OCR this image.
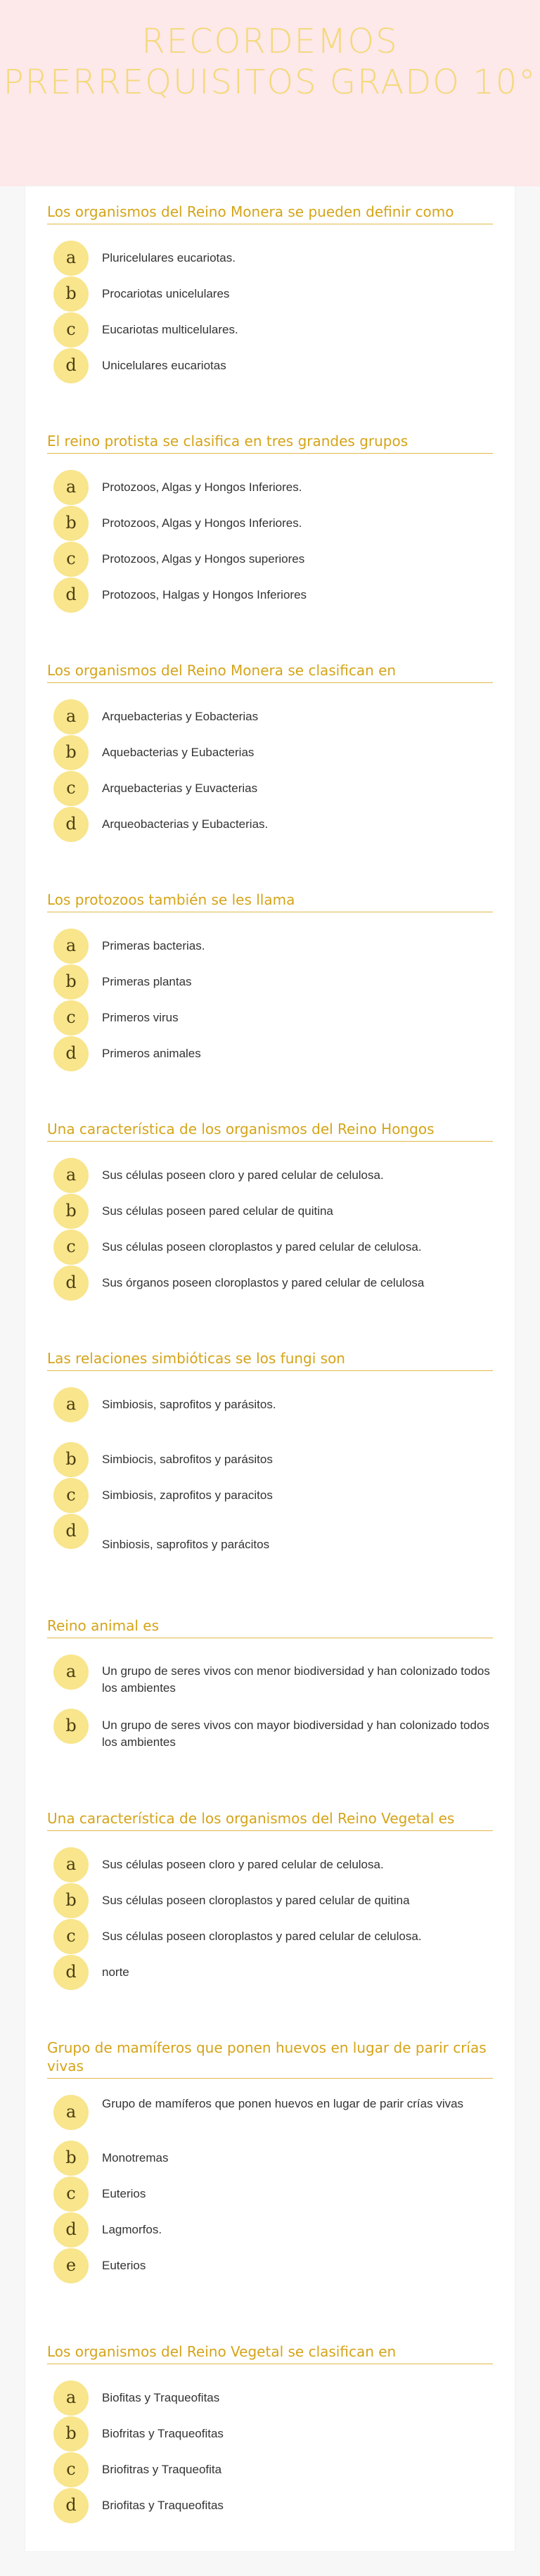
RECORDEMOS PRERREQUISITOS GRADO 10°
Los organismos del Reino Monera se pueden definir como
a	Pluricelulares eucariotas.
b	Procariotas unicelulares
c	Eucariotas multicelulares.
d	Unicelulares eucariotas
El reino protista se clasifica en tres grandes grupos
a	Protozoos, Algas y Hongos Inferiores.
b	Protozoos, Algas y Hongos Inferiores.
c	Protozoos, Algas y Hongos superiores
d	Protozoos, Halgas y Hongos Inferiores
Los organismos del Reino Monera se clasifican en
a	Arquebacterias y Eobacterias
b	Aquebacterias y Eubacterias
c	Arquebacterias y Euvacterias
d	Arqueobacterias y Eubacterias.
Los protozoos también se les llama
a	Primeras bacterias.
b	Primeras plantas
c	Primeros virus
d	Primeros animales
Una característica de los organismos del Reino Hongos
a	Sus células poseen cloro y pared celular de celulosa.
b	Sus células poseen pared celular de quitina
c	Sus células poseen cloroplastos y pared celular de celulosa.
d	Sus órganos poseen cloroplastos y pared celular de celulosa
Las relaciones simbióticas se los fungi son
a	Simbiosis, saprofitos y parásitos.
b	Simbiocis, sabrofitos y parásitos
c	Simbiosis, zaprofitos y paracitos
d
Sinbiosis, saprofitos y parácitos
Reino animal es
a	Un grupo de seres vivos con menor biodiversidad y han colonizado todos los ambientes
b	Un grupo de seres vivos con mayor biodiversidad y han colonizado todos los ambientes
Una característica de los organismos del Reino Vegetal es
a	Sus células poseen cloro y pared celular de celulosa.
b	Sus células poseen cloroplastos y pared celular de quitina
c	Sus células poseen cloroplastos y pared celular de celulosa.
d	norte
Grupo de mamíferos que ponen huevos en lugar de parir crías vivas
a	Grupo de mamíferos que ponen huevos en lugar de parir crías vivas
b	Monotremas
c	Euterios
d	Lagmorfos.
e	Euterios
Los organismos del Reino Vegetal se clasifican en
a	Biofitas y Traqueofitas
b	Biofritas y Traqueofitas
c	Briofitras y Traqueofita
d	Briofitas y Traqueofitas
